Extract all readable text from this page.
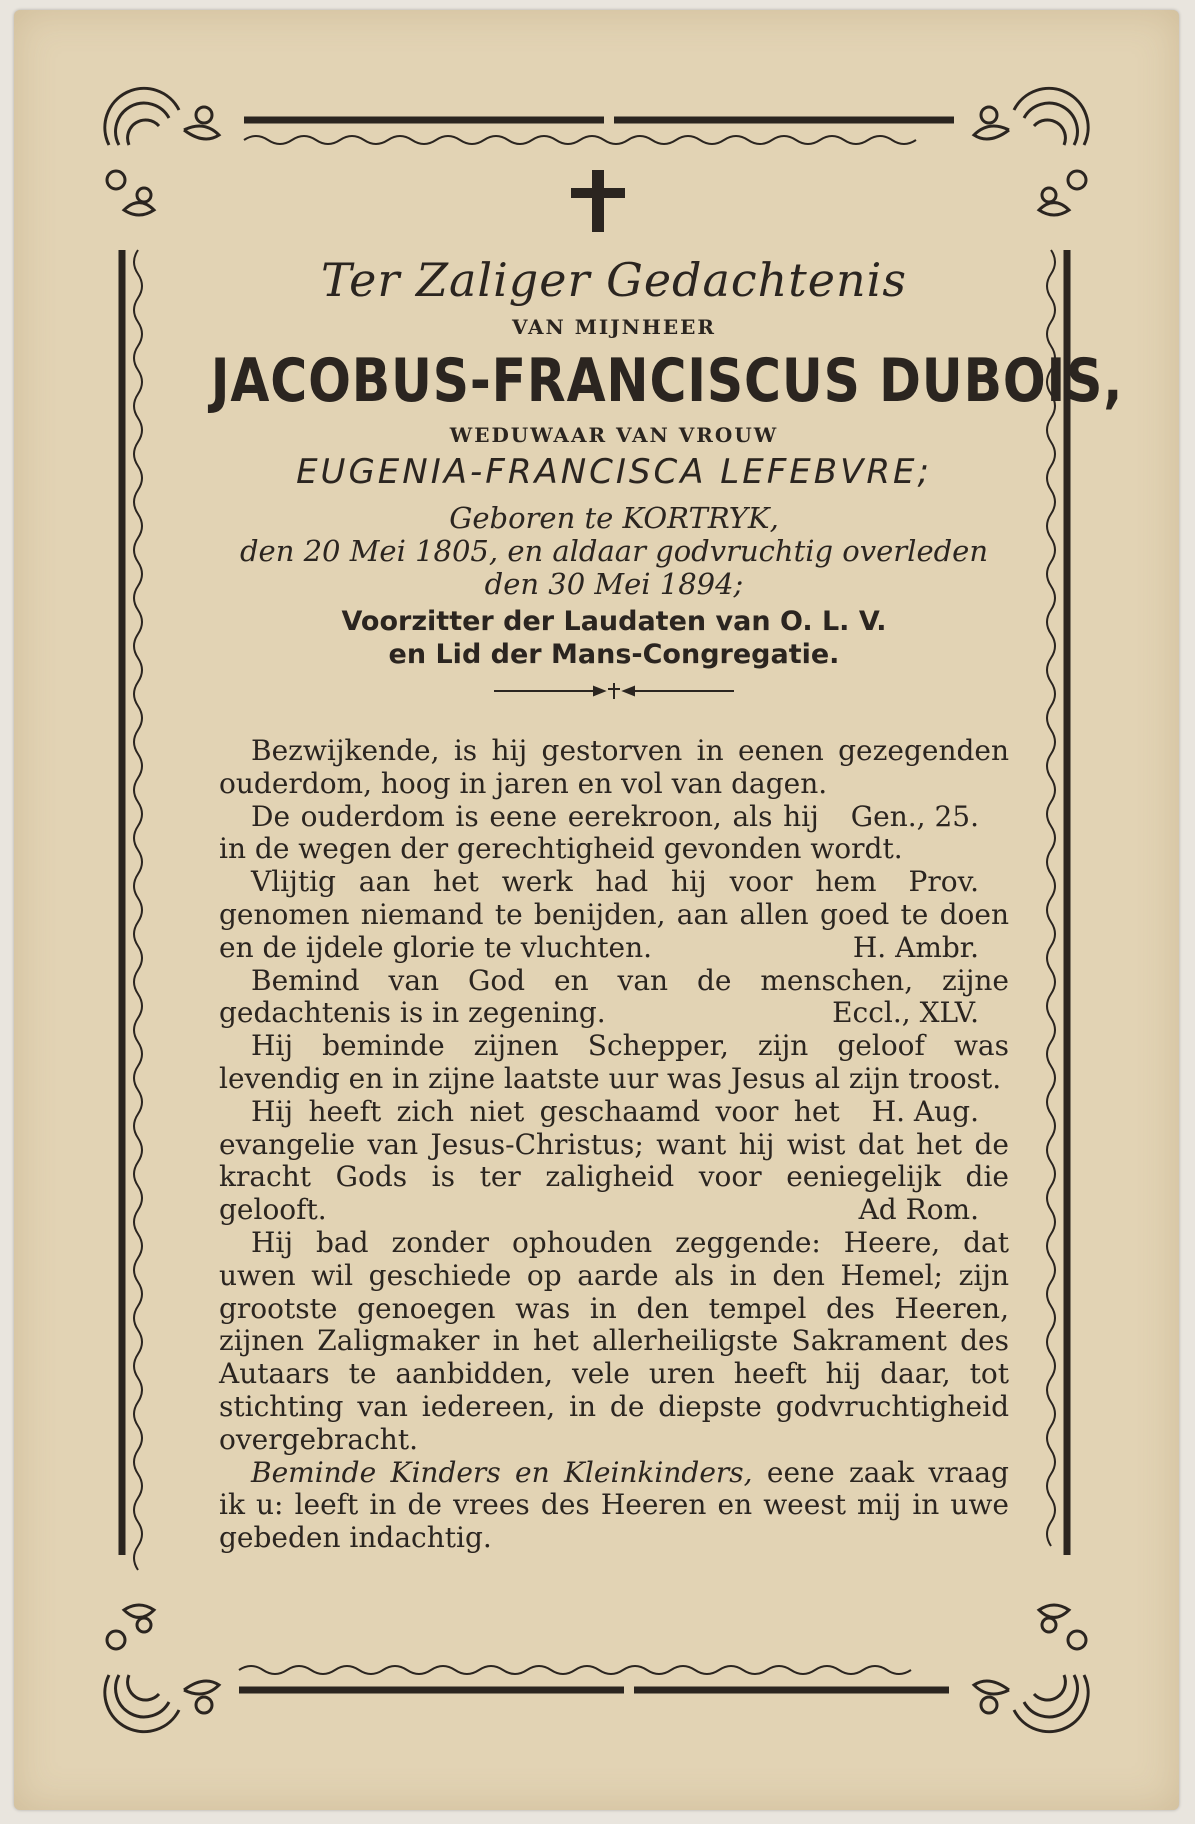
Ter Zaliger Gedachtenis
VAN MIJNHEER
JACOBUS-FRANCISCUS DUBOIS,
WEDUWAAR VAN VROUW
EUGENIA-FRANCISCA LEFEBVRE;
Geboren te KORTRYK,
den 20 Mei 1805, en aldaar godvruchtig overleden
den 30 Mei 1894;
Voorzitter der Laudaten van O. L. V.
en Lid der Mans-Congregatie.

Bezwijkende, is hij gestorven in eenen gezegenden ouderdom, hoog in jaren en vol van dagen.
Gen., 25.

De ouderdom is eene eerekroon, als hij in de wegen der gerechtigheid gevonden wordt.
Prov.

Vlijtig aan het werk had hij voor hem genomen niemand te benijden, aan allen goed te doen en de ijdele glorie te vluchten.	H. Ambr.

Bemind van God en van de menschen, zijne gedachtenis is in zegening.	Eccl., XLV.

Hij beminde zijnen Schepper, zijn geloof was levendig en in zijne laatste uur was Jesus al zijn troost.
H. Aug.

Hij heeft zich niet geschaamd voor het evangelie van Jesus-Christus; want hij wist dat het de kracht Gods is ter zaligheid voor eeniegelijk die gelooft.	Ad Rom.

Hij bad zonder ophouden zeggende: Heere, dat uwen wil geschiede op aarde als in den Hemel; zijn grootste genoegen was in den tempel des Heeren, zijnen Zaligmaker in het allerheiligste Sakrament des Autaars te aanbidden, vele uren heeft hij daar, tot stichting van iedereen, in de diepste godvruchtigheid overgebracht.

Beminde Kinders en Kleinkinders, eene zaak vraag ik u: leeft in de vrees des Heeren en weest mij in uwe gebeden indachtig.
